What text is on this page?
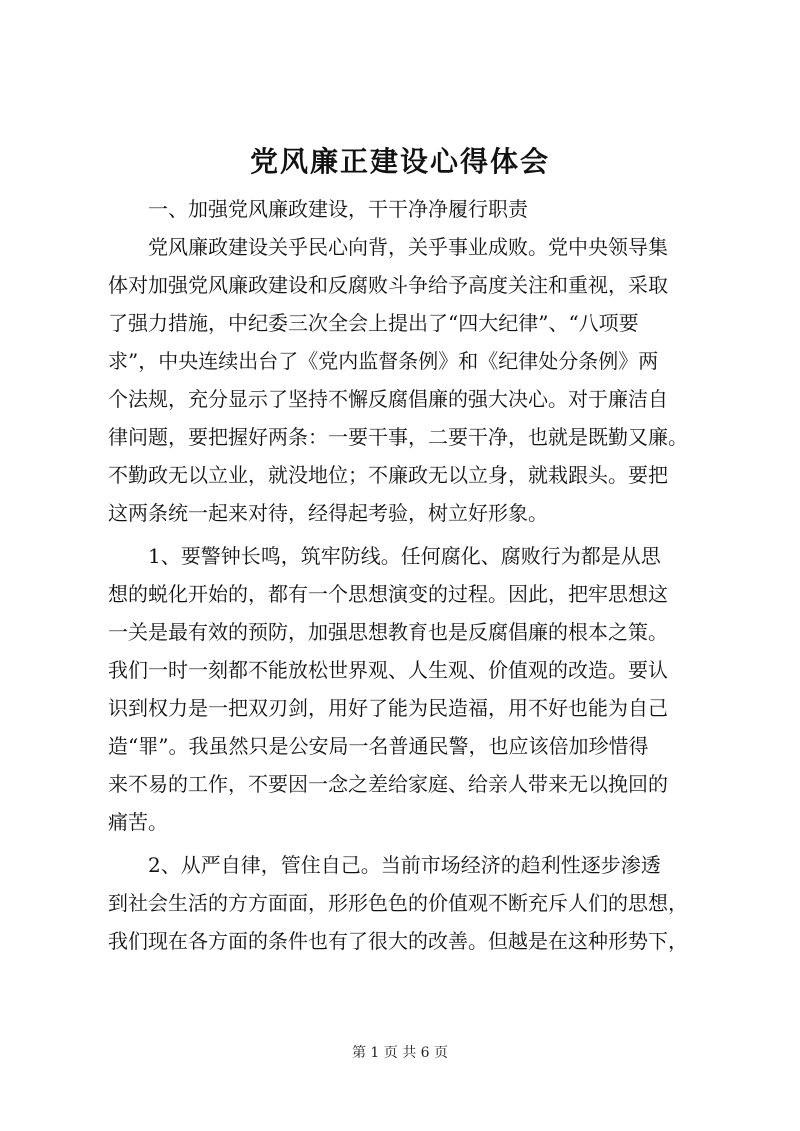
党风廉正建设心得体会
一、加强党风廉政建设，干干净净履行职责
党风廉政建设关乎民心向背，关乎事业成败。党中央领导集
体对加强党风廉政建设和反腐败斗争给予高度关注和重视，采取
了强力措施，中纪委三次全会上提出了“四大纪律”、“八项要
求”，中央连续出台了《党内监督条例》和《纪律处分条例》两
个法规，充分显示了坚持不懈反腐倡廉的强大决心。对于廉洁自
律问题，要把握好两条：一要干事，二要干净，也就是既勤又廉。
不勤政无以立业，就没地位；不廉政无以立身，就栽跟头。要把
这两条统一起来对待，经得起考验，树立好形象。
1、要警钟长鸣，筑牢防线。任何腐化、腐败行为都是从思
想的蜕化开始的，都有一个思想演变的过程。因此，把牢思想这
一关是最有效的预防，加强思想教育也是反腐倡廉的根本之策。
我们一时一刻都不能放松世界观、人生观、价值观的改造。要认
识到权力是一把双刃剑，用好了能为民造福，用不好也能为自己
造“罪”。我虽然只是公安局一名普通民警，也应该倍加珍惜得
来不易的工作，不要因一念之差给家庭、给亲人带来无以挽回的
痛苦。
2、从严自律，管住自己。当前市场经济的趋利性逐步渗透
到社会生活的方方面面，形形色色的价值观不断充斥人们的思想，
我们现在各方面的条件也有了很大的改善。但越是在这种形势下，
第 1 页 共 6 页
